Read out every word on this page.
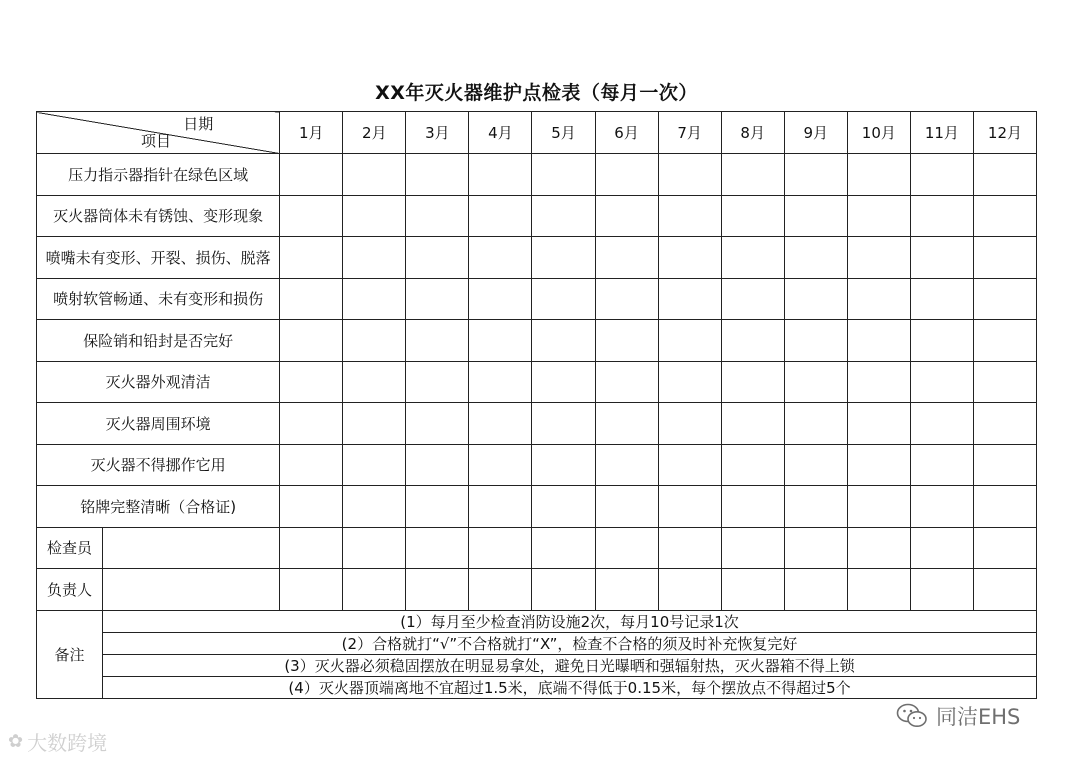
XX年灭火器维护点检表（每月一次）
日期
项目		1月	2月	3月	4月	5月	6月	7月	8月	9月	10月	11月	12月
压力指示器指针在绿色区域													
灭火器筒体未有锈蚀、变形现象													
喷嘴未有变形、开裂、损伤、脱落													
喷射软管畅通、未有变形和损伤													
保险销和铅封是否完好													
灭火器外观清洁													
灭火器周围环境													
灭火器不得挪作它用													
铭牌完整清晰（合格证)													
检查员													
负责人													
备注	(1）每月至少检查消防设施2次，每月10号记录1次												
	(2）合格就打“√”不合格就打“X”，检查不合格的须及时补充恢复完好												
	(3）灭火器必须稳固摆放在明显易拿处，避免日光曝晒和强辐射热，灭火器箱不得上锁												
	(4）灭火器顶端离地不宜超过1.5米，底端不得低于0.15米，每个摆放点不得超过5个												
✿ 大数跨境
同洁EHS
